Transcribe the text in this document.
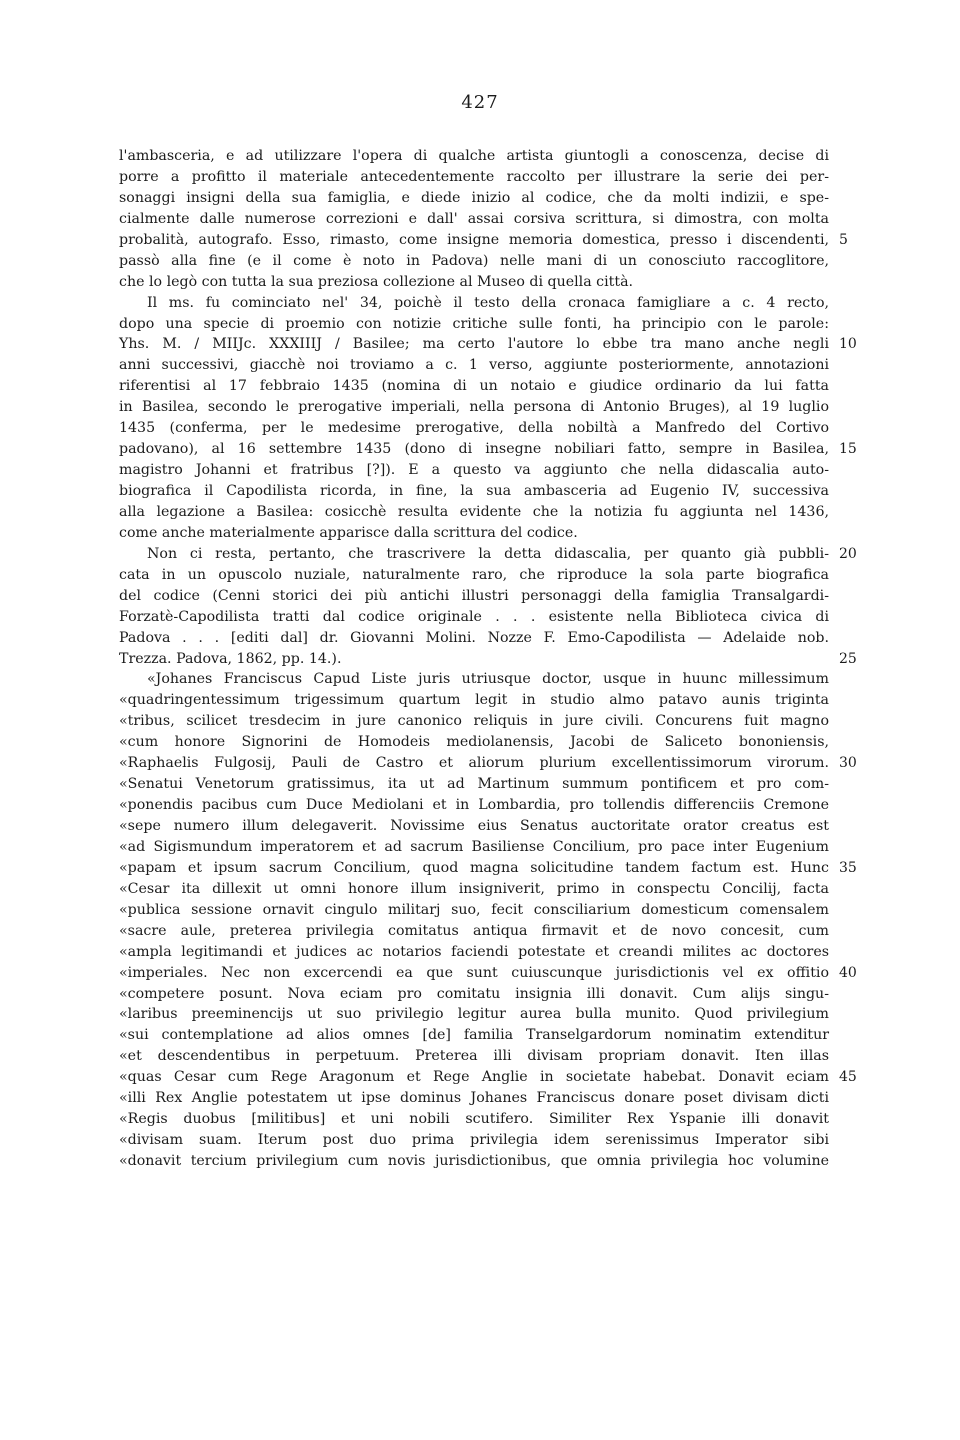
427
l'ambasceria, e ad utilizzare l'opera di qualche artista giuntogli a conoscenza, decise di
porre a profitto il materiale antecedentemente raccolto per illustrare la serie dei per-
sonaggi insigni della sua famiglia, e diede inizio al codice, che da molti indizii, e spe-
cialmente dalle numerose correzioni e dall' assai corsiva scrittura, si dimostra, con molta
probalità, autografo. Esso, rimasto, come insigne memoria domestica, presso i discendenti, 5
passò alla fine (e il come è noto in Padova) nelle mani di un conosciuto raccoglitore,
che lo legò con tutta la sua preziosa collezione al Museo di quella città.
Il ms. fu cominciato nel' 34, poichè il testo della cronaca famigliare a c. 4 recto,
dopo una specie di proemio con notizie critiche sulle fonti, ha principio con le parole:
Yhs. M. / MIIJc. XXXIIIJ / Basilee; ma certo l'autore lo ebbe tra mano anche negli 10
anni successivi, giacchè noi troviamo a c. 1 verso, aggiunte posteriormente, annotazioni
riferentisi al 17 febbraio 1435 (nomina di un notaio e giudice ordinario da lui fatta
in Basilea, secondo le prerogative imperiali, nella persona di Antonio Bruges), al 19 luglio
1435 (conferma, per le medesime prerogative, della nobiltà a Manfredo del Cortivo
padovano), al 16 settembre 1435 (dono di insegne nobiliari fatto, sempre in Basilea, 15
magistro Johanni et fratribus [?]). E a questo va aggiunto che nella didascalia auto-
biografica il Capodilista ricorda, in fine, la sua ambasceria ad Eugenio IV, successiva
alla legazione a Basilea: cosicchè resulta evidente che la notizia fu aggiunta nel 1436,
come anche materialmente apparisce dalla scrittura del codice.
Non ci resta, pertanto, che trascrivere la detta didascalia, per quanto già pubbli- 20
cata in un opuscolo nuziale, naturalmente raro, che riproduce la sola parte biografica
del codice (Cenni storici dei più antichi illustri personaggi della famiglia Transalgardi-
Forzatè-Capodilista tratti dal codice originale . . . esistente nella Biblioteca civica di
Padova . . . [editi dal] dr. Giovanni Molini. Nozze F. Emo-Capodilista — Adelaide nob.
Trezza. Padova, 1862, pp. 14.).	25
«Johanes Franciscus Capud Liste juris utriusque doctor, usque in huunc millessimum
«quadringentessimum trigessimum quartum legit in studio almo patavo aunis triginta
«tribus, scilicet tresdecim in jure canonico reliquis in jure civili. Concurens fuit magno
«cum honore Signorini de Homodeis mediolanensis, Jacobi de Saliceto bononiensis,
«Raphaelis Fulgosij, Pauli de Castro et aliorum plurium excellentissimorum virorum. 30
«Senatui Venetorum gratissimus, ita ut ad Martinum summum pontificem et pro com-
«ponendis pacibus cum Duce Mediolani et in Lombardia, pro tollendis differenciis Cremone
«sepe numero illum delegaverit. Novissime eius Senatus auctoritate orator creatus est
«ad Sigismundum imperatorem et ad sacrum Basiliense Concilium, pro pace inter Eugenium
«papam et ipsum sacrum Concilium, quod magna solicitudine tandem factum est. Hunc 35
«Cesar ita dillexit ut omni honore illum insigniverit, primo in conspectu Concilij, facta
«publica sessione ornavit cingulo militarj suo, fecit consciliarium domesticum comensalem
«sacre aule, preterea privilegia comitatus antiqua firmavit et de novo concesit, cum
«ampla legitimandi et judices ac notarios faciendi potestate et creandi milites ac doctores
«imperiales. Nec non excercendi ea que sunt cuiuscunque jurisdictionis vel ex offitio 40
«competere posunt. Nova eciam pro comitatu insignia illi donavit. Cum alijs singu-
«laribus preeminencijs ut suo privilegio legitur aurea bulla munito. Quod privilegium
«sui contemplatione ad alios omnes [de] familia Transelgardorum nominatim extenditur
«et descendentibus in perpetuum. Preterea illi divisam propriam donavit. Iten illas
«quas Cesar cum Rege Aragonum et Rege Anglie in societate habebat. Donavit eciam 45
«illi Rex Anglie potestatem ut ipse dominus Johanes Franciscus donare poset divisam dicti
«Regis duobus [militibus] et uni nobili scutifero. Similiter Rex Yspanie illi donavit
«divisam suam. Iterum post duo prima privilegia idem serenissimus Imperator sibi
«donavit tercium privilegium cum novis jurisdictionibus, que omnia privilegia hoc volumine
